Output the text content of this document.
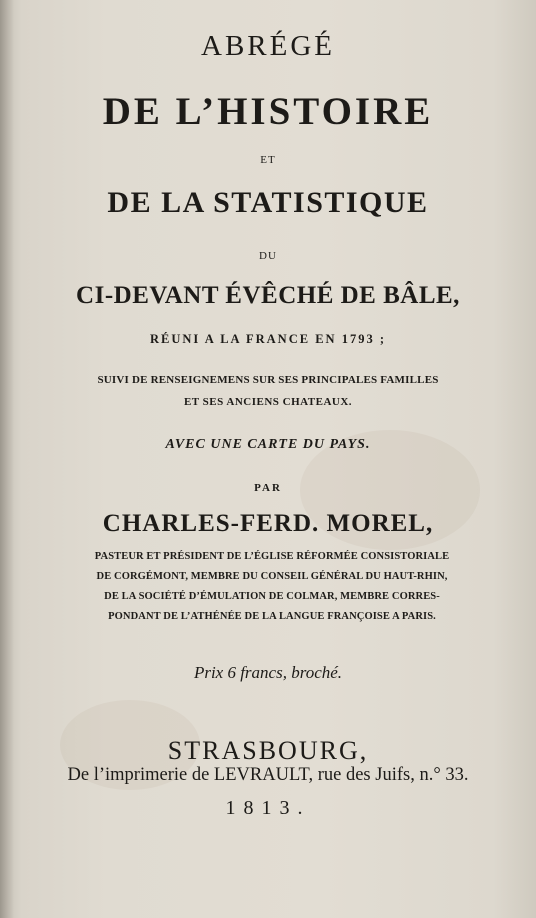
ABRÉGÉ
DE L’HISTOIRE
ET
DE LA STATISTIQUE
DU
CI-DEVANT ÉVÊCHÉ DE BÂLE,
RÉUNI A LA FRANCE EN 1793 ;
SUIVI DE RENSEIGNEMENS SUR SES PRINCIPALES FAMILLES
ET SES ANCIENS CHATEAUX.
AVEC UNE CARTE DU PAYS.
PAR
CHARLES-FERD. MOREL,
PASTEUR ET PRÉSIDENT DE L’ÉGLISE RÉFORMÉE CONSISTORIALE
DE CORGÉMONT, MEMBRE DU CONSEIL GÉNÉRAL DU HAUT-RHIN,
DE LA SOCIÉTÉ D’ÉMULATION DE COLMAR, MEMBRE CORRES-
PONDANT DE L’ATHÉNÉE DE LA LANGUE FRANÇOISE A PARIS.
Prix 6 francs, broché.
STRASBOURG,
De l’imprimerie de LEVRAULT, rue des Juifs, n.° 33.
1813.
